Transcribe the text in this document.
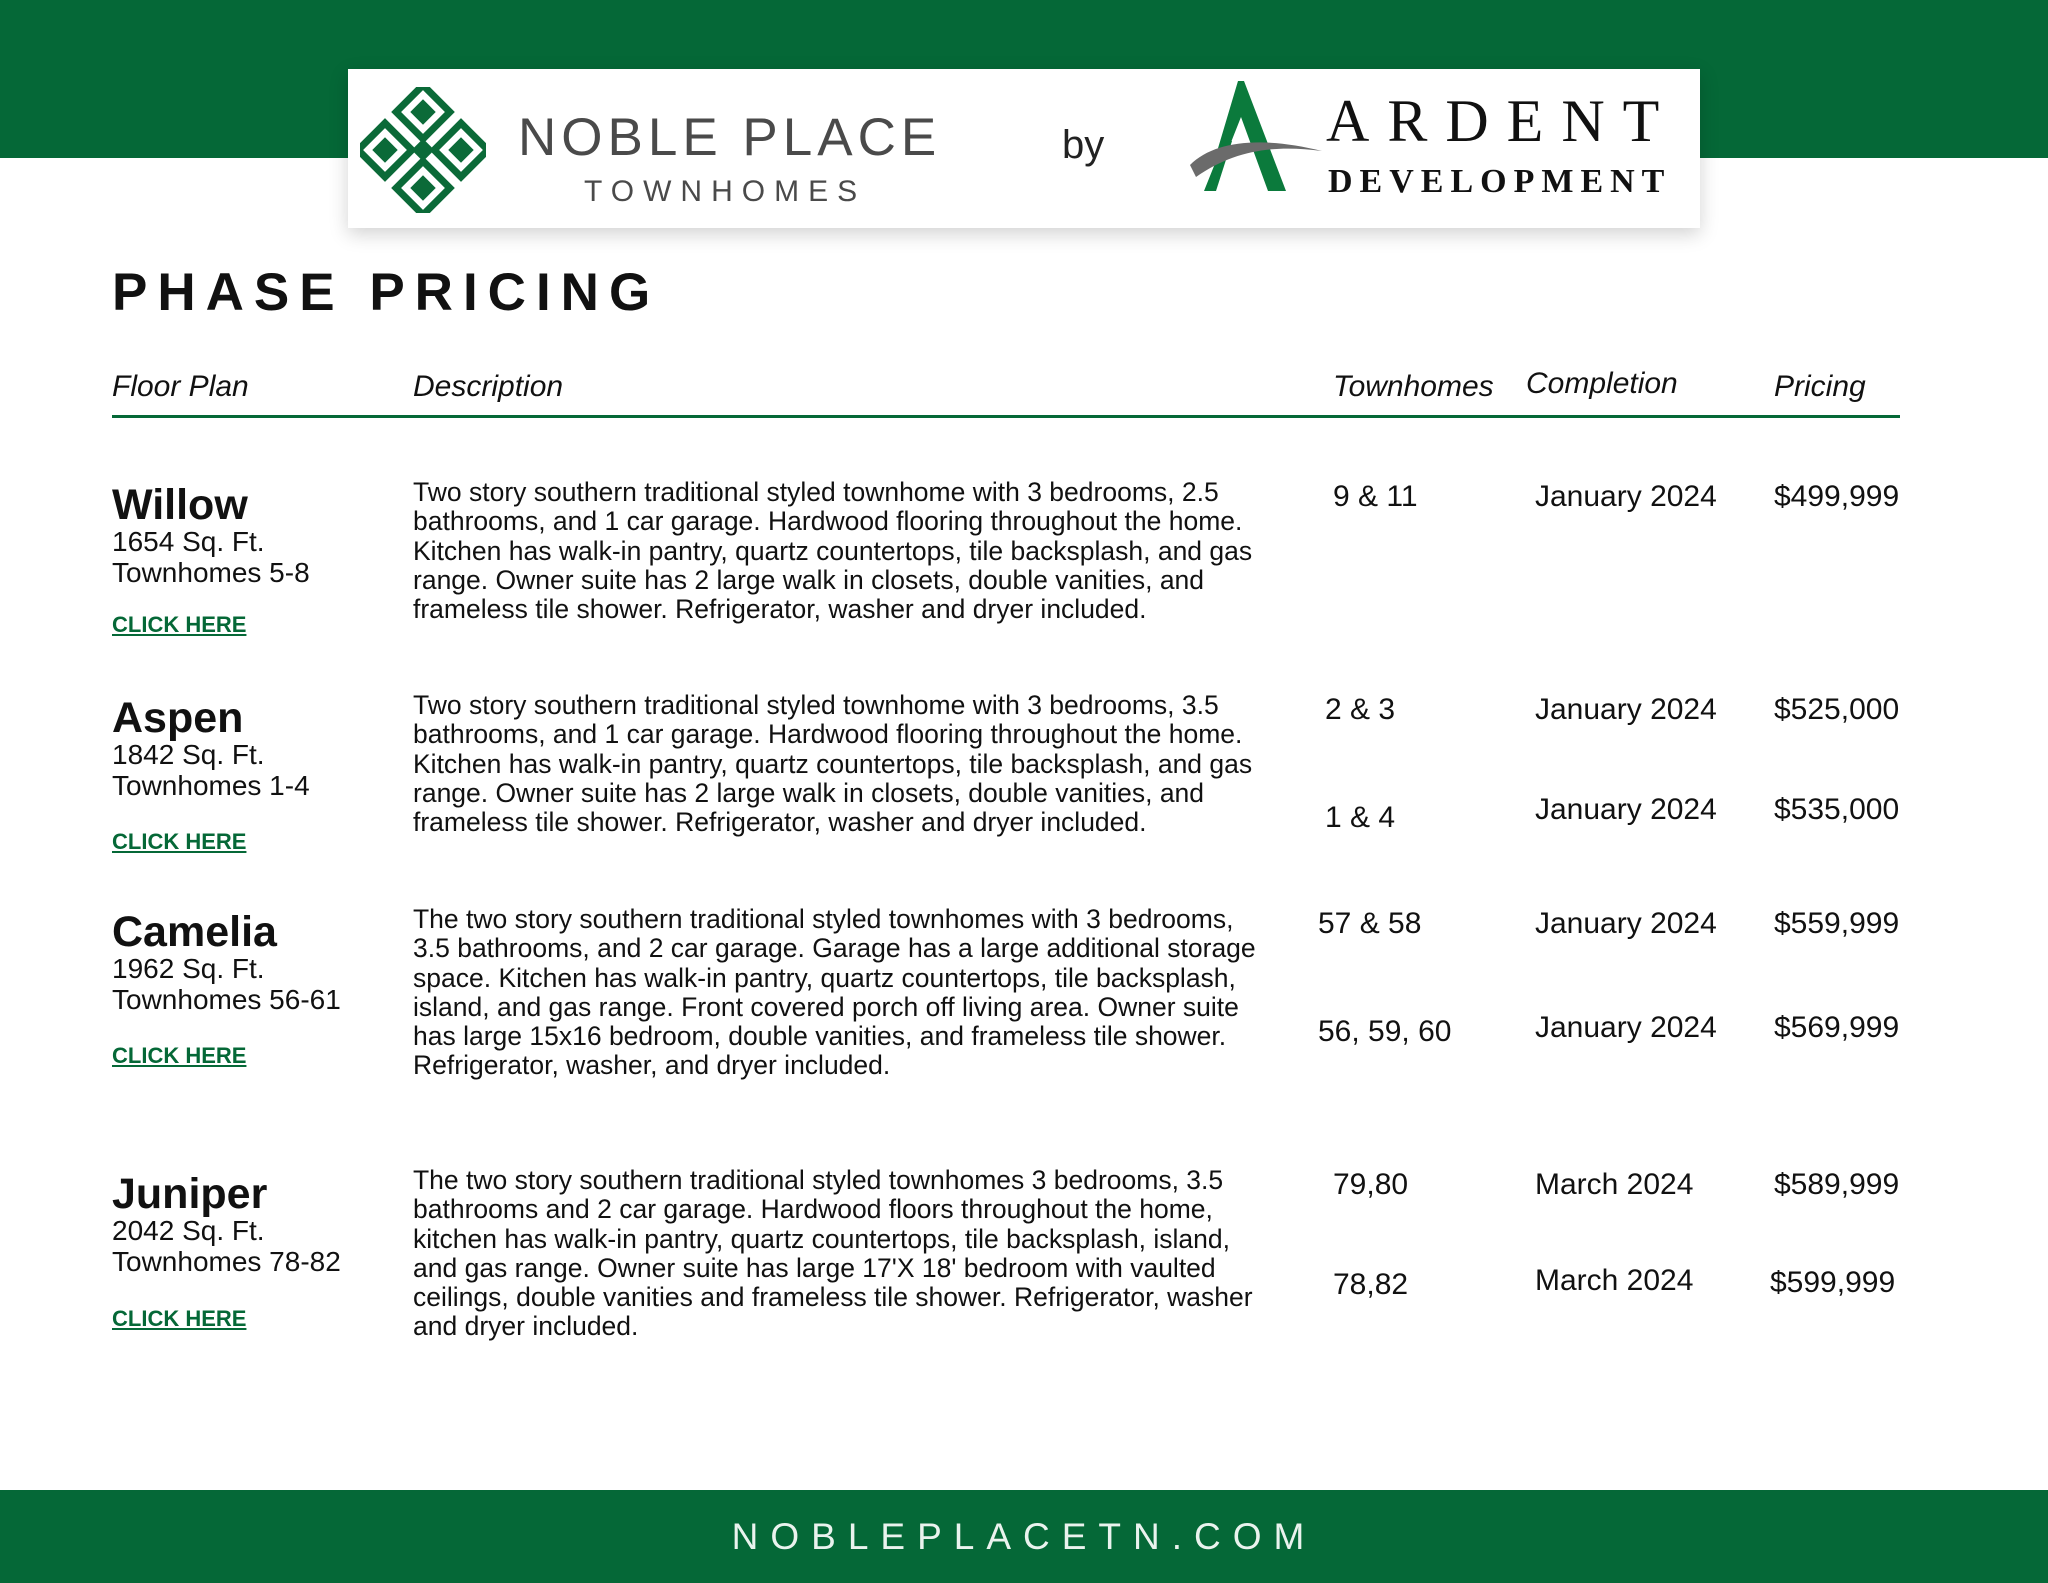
NOBLE PLACE
TOWNHOMES
by	ARDENT
DEVELOPMENT
PHASE PRICING
Floor Plan	Description	Townhomes Completion	Pricing
Willow
1654 Sq. Ft.
Townhomes 5-8
CLICK HERE
Two story southern traditional styled townhome with 3 bedrooms, 2.5 bathrooms, and 1 car garage. Hardwood flooring throughout the home. Kitchen has walk-in pantry, quartz countertops, tile backsplash, and gas range. Owner suite has 2 large walk in closets, double vanities, and frameless tile shower. Refrigerator, washer and dryer included.
9 & 11	January 2024 $499,999
Aspen
1842 Sq. Ft.
Townhomes 1-4
CLICK HERE
Two story southern traditional styled townhome with 3 bedrooms, 3.5 bathrooms, and 1 car garage. Hardwood flooring throughout the home. Kitchen has walk-in pantry, quartz countertops, tile backsplash, and gas range. Owner suite has 2 large walk in closets, double vanities, and frameless tile shower. Refrigerator, washer and dryer included.
2 & 3	January 2024 $525,000
1 & 4	January 2024 $535,000
Camelia
1962 Sq. Ft.
Townhomes 56-61
CLICK HERE
The two story southern traditional styled townhomes with 3 bedrooms, 3.5 bathrooms, and 2 car garage. Garage has a large additional storage space. Kitchen has walk-in pantry, quartz countertops, tile backsplash, island, and gas range. Front covered porch off living area. Owner suite has large 15x16 bedroom, double vanities, and frameless tile shower. Refrigerator, washer, and dryer included.
57 & 58	January 2024 $559,999
56, 59, 60	January 2024 $569,999
Juniper
2042 Sq. Ft.
Townhomes 78-82
CLICK HERE
The two story southern traditional styled townhomes 3 bedrooms, 3.5 bathrooms and 2 car garage. Hardwood floors throughout the home, kitchen has walk-in pantry, quartz countertops, tile backsplash, island, and gas range. Owner suite has large 17'X 18' bedroom with vaulted ceilings, double vanities and frameless tile shower. Refrigerator, washer and dryer included.
79,80	March 2024	$589,999
78,82	March 2024	$599,999
NOBLEPLACETN.COM
